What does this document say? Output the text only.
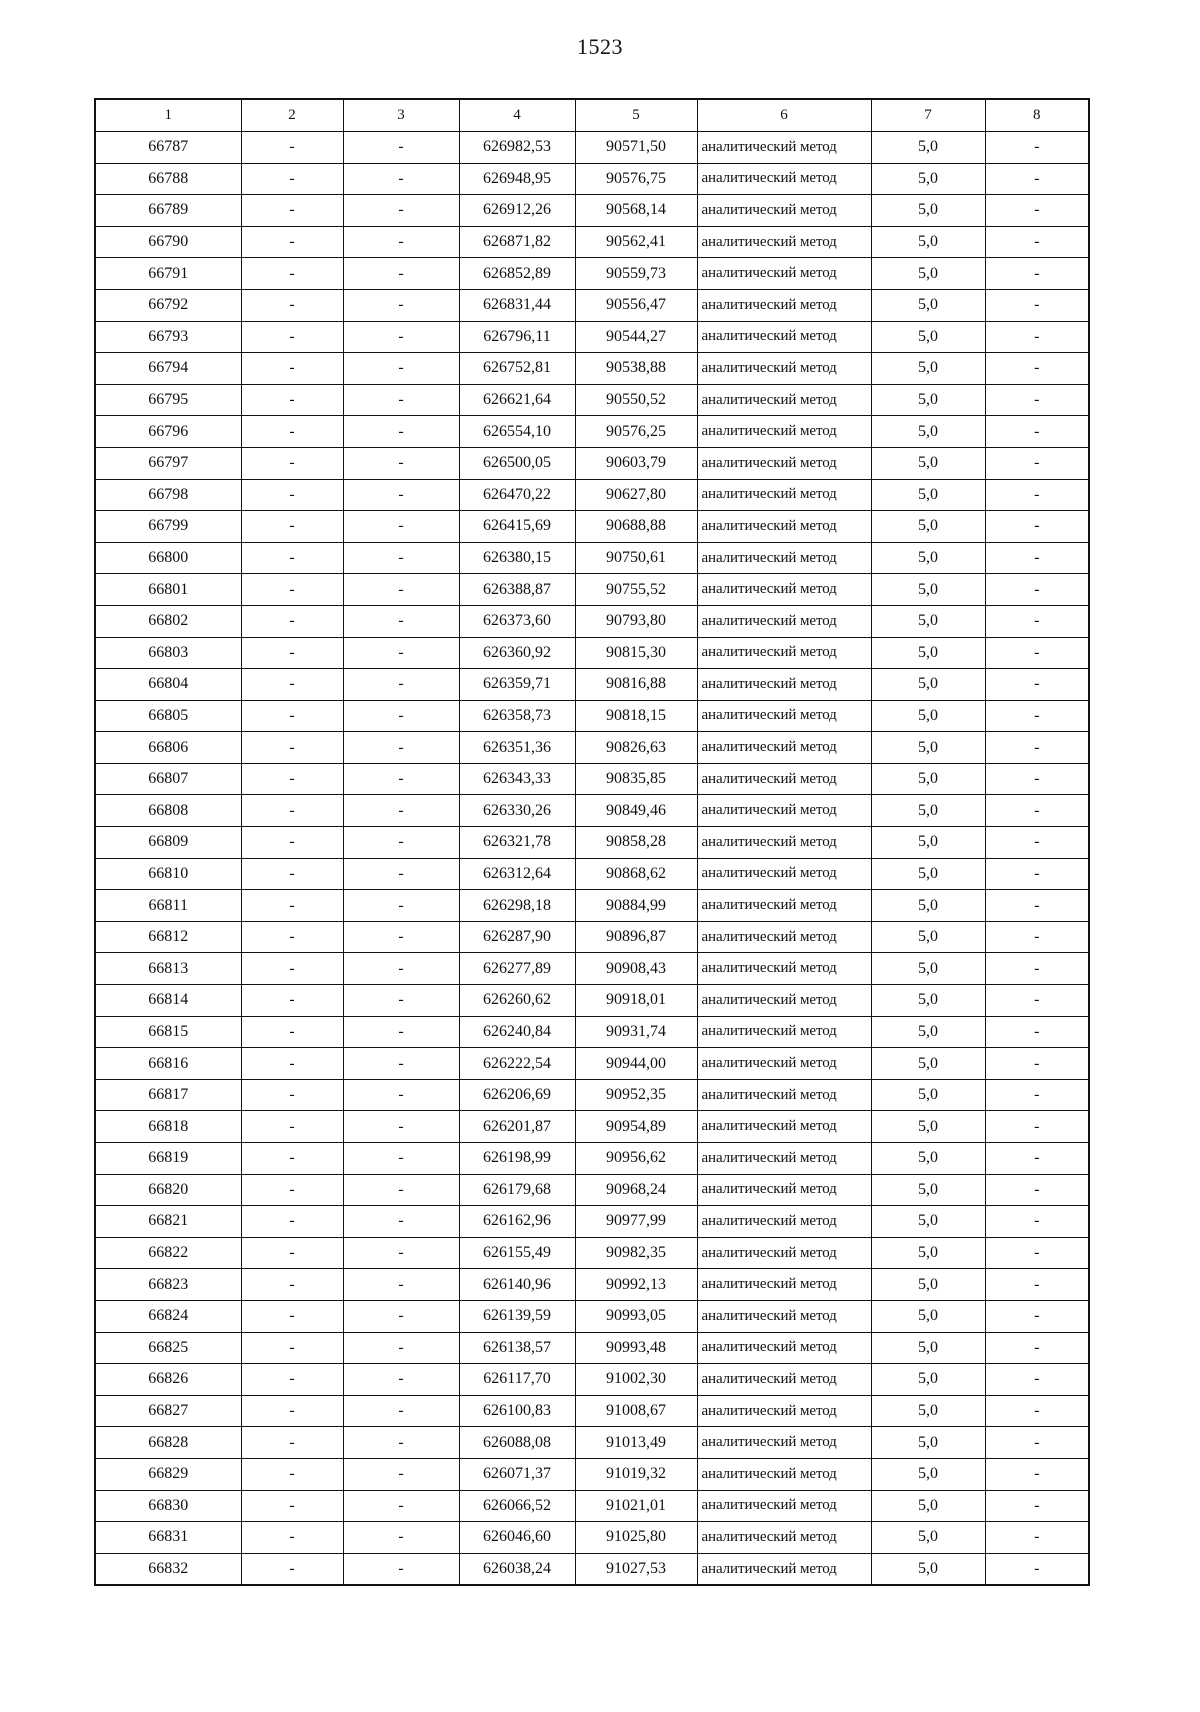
1523
1	2	3	4	5	6	7	8
66787	-	-	626982,53	90571,50	аналитический метод	5,0	-
66788	-	-	626948,95	90576,75	аналитический метод	5,0	-
66789	-	-	626912,26	90568,14	аналитический метод	5,0	-
66790	-	-	626871,82	90562,41	аналитический метод	5,0	-
66791	-	-	626852,89	90559,73	аналитический метод	5,0	-
66792	-	-	626831,44	90556,47	аналитический метод	5,0	-
66793	-	-	626796,11	90544,27	аналитический метод	5,0	-
66794	-	-	626752,81	90538,88	аналитический метод	5,0	-
66795	-	-	626621,64	90550,52	аналитический метод	5,0	-
66796	-	-	626554,10	90576,25	аналитический метод	5,0	-
66797	-	-	626500,05	90603,79	аналитический метод	5,0	-
66798	-	-	626470,22	90627,80	аналитический метод	5,0	-
66799	-	-	626415,69	90688,88	аналитический метод	5,0	-
66800	-	-	626380,15	90750,61	аналитический метод	5,0	-
66801	-	-	626388,87	90755,52	аналитический метод	5,0	-
66802	-	-	626373,60	90793,80	аналитический метод	5,0	-
66803	-	-	626360,92	90815,30	аналитический метод	5,0	-
66804	-	-	626359,71	90816,88	аналитический метод	5,0	-
66805	-	-	626358,73	90818,15	аналитический метод	5,0	-
66806	-	-	626351,36	90826,63	аналитический метод	5,0	-
66807	-	-	626343,33	90835,85	аналитический метод	5,0	-
66808	-	-	626330,26	90849,46	аналитический метод	5,0	-
66809	-	-	626321,78	90858,28	аналитический метод	5,0	-
66810	-	-	626312,64	90868,62	аналитический метод	5,0	-
66811	-	-	626298,18	90884,99	аналитический метод	5,0	-
66812	-	-	626287,90	90896,87	аналитический метод	5,0	-
66813	-	-	626277,89	90908,43	аналитический метод	5,0	-
66814	-	-	626260,62	90918,01	аналитический метод	5,0	-
66815	-	-	626240,84	90931,74	аналитический метод	5,0	-
66816	-	-	626222,54	90944,00	аналитический метод	5,0	-
66817	-	-	626206,69	90952,35	аналитический метод	5,0	-
66818	-	-	626201,87	90954,89	аналитический метод	5,0	-
66819	-	-	626198,99	90956,62	аналитический метод	5,0	-
66820	-	-	626179,68	90968,24	аналитический метод	5,0	-
66821	-	-	626162,96	90977,99	аналитический метод	5,0	-
66822	-	-	626155,49	90982,35	аналитический метод	5,0	-
66823	-	-	626140,96	90992,13	аналитический метод	5,0	-
66824	-	-	626139,59	90993,05	аналитический метод	5,0	-
66825	-	-	626138,57	90993,48	аналитический метод	5,0	-
66826	-	-	626117,70	91002,30	аналитический метод	5,0	-
66827	-	-	626100,83	91008,67	аналитический метод	5,0	-
66828	-	-	626088,08	91013,49	аналитический метод	5,0	-
66829	-	-	626071,37	91019,32	аналитический метод	5,0	-
66830	-	-	626066,52	91021,01	аналитический метод	5,0	-
66831	-	-	626046,60	91025,80	аналитический метод	5,0	-
66832	-	-	626038,24	91027,53	аналитический метод	5,0	-
